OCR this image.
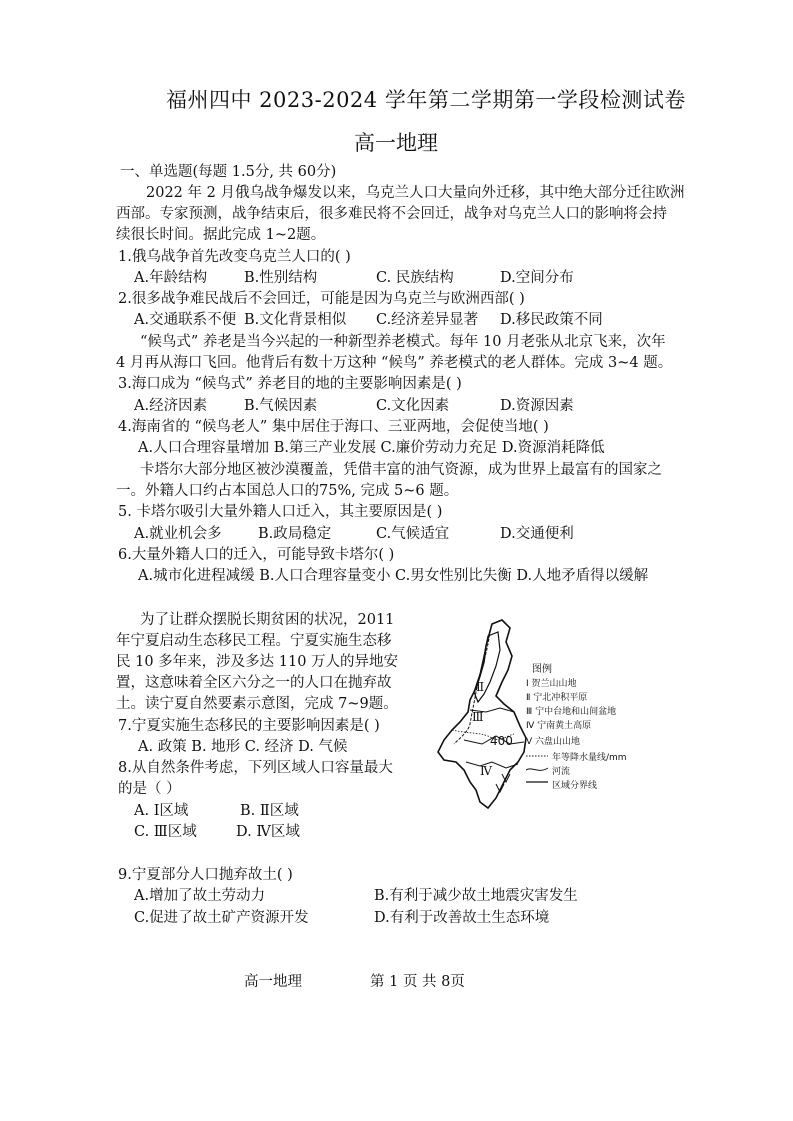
福州四中 2023-2024 学年第二学期第一学段检测试卷
高一地理
一、单选题(每题 1.5分, 共 60分)
2022 年 2 月俄乌战争爆发以来，乌克兰人口大量向外迁移，其中绝大部分迁往欧洲
西部。专家预测，战争结束后，很多难民将不会回迁，战争对乌克兰人口的影响将会持
续很长时间。据此完成 1~2题。
1.俄乌战争首先改变乌克兰人口的( )
A.年龄结构	B.性别结构	C. 民族结构	D.空间分布
2.很多战争难民战后不会回迁，可能是因为乌克兰与欧洲西部( )
A.交通联系不便 B.文化背景相似 C.经济差异显著 D.移民政策不同
“候鸟式” 养老是当今兴起的一种新型养老模式。每年 10 月老张从北京飞来，次年
4 月再从海口飞回。他背后有数十万这种 “候鸟” 养老模式的老人群体。完成 3~4 题。
3.海口成为 “候鸟式” 养老目的地的主要影响因素是( )
A.经济因素	B.气候因素	C.文化因素	D.资源因素
4.海南省的 “候鸟老人” 集中居住于海口、三亚两地，会促使当地( )
A.人口合理容量增加 B.第三产业发展 C.廉价劳动力充足 D.资源消耗降低
卡塔尔大部分地区被沙漠覆盖，凭借丰富的油气资源，成为世界上最富有的国家之
一。外籍人口约占本国总人口的75%, 完成 5~6 题。
5. 卡塔尔吸引大量外籍人口迁入，其主要原因是( )
A.就业机会多	B.政局稳定	C.气候适宜	D.交通便利
6.大量外籍人口的迁入，可能导致卡塔尔( )
A.城市化进程减缓 B.人口合理容量变小 C.男女性别比失衡 D.人地矛盾得以缓解
为了让群众摆脱长期贫困的状况，2011
年宁夏启动生态移民工程。宁夏实施生态移
民 10 多年来，涉及多达 110 万人的异地安
置，这意味着全区六分之一的人口在抛弃故
土。读宁夏自然要素示意图，完成 7~9题。
7.宁夏实施生态移民的主要影响因素是( )
A. 政策 B. 地形 C. 经济 D. 气候
8.从自然条件考虑，下列区域人口容量最大
的是（ ）
A. Ⅰ区域	B. Ⅱ区域
C. Ⅲ区域	D. Ⅳ区域
9.宁夏部分人口抛弃故土( )
A.增加了故土劳动力	B.有利于减少故土地震灾害发生
C.促进了故土矿产资源开发	D.有利于改善故土生态环境
Ⅱ
Ⅲ
Ⅳ
400
图例
Ⅰ 贺兰山山地
Ⅱ 宁北冲积平原
Ⅲ 宁中台地和山间盆地
Ⅳ 宁南黄土高原
Ⅴ 六盘山山地
年等降水量线/mm
河流
区域分界线
高一地理	第 1 页 共 8页
